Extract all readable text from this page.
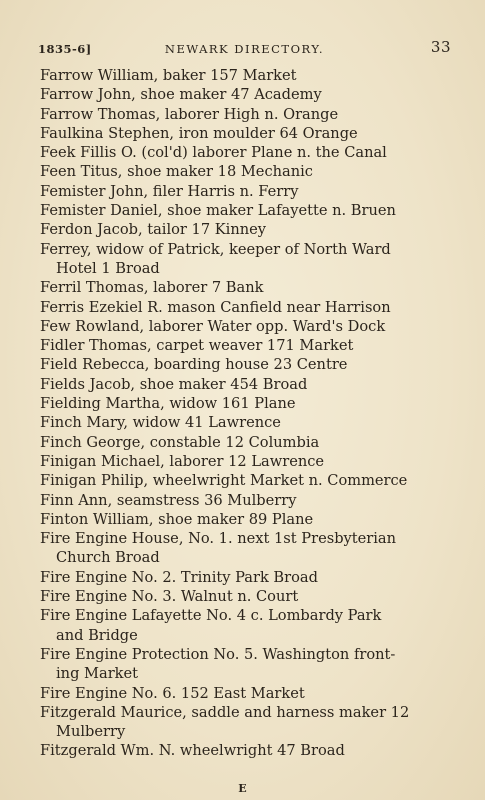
1835-6]	NEWARK DIRECTORY.	33
Farrow William, baker 157 Market
Farrow John, shoe maker 47 Academy
Farrow Thomas, laborer High n. Orange
Faulkina Stephen, iron moulder 64 Orange
Feek Fillis O. (col'd) laborer Plane n. the Canal
Feen Titus, shoe maker 18 Mechanic
Femister John, filer Harris n. Ferry
Femister Daniel, shoe maker Lafayette n. Bruen
Ferdon Jacob, tailor 17 Kinney
Ferrey, widow of Patrick, keeper of North Ward
Hotel 1 Broad
Ferril Thomas, laborer 7 Bank
Ferris Ezekiel R. mason Canfield near Harrison
Few Rowland, laborer Water opp. Ward's Dock
Fidler Thomas, carpet weaver 171 Market
Field Rebecca, boarding house 23 Centre
Fields Jacob, shoe maker 454 Broad
Fielding Martha, widow 161 Plane
Finch Mary, widow 41 Lawrence
Finch George, constable 12 Columbia
Finigan Michael, laborer 12 Lawrence
Finigan Philip, wheelwright Market n. Commerce
Finn Ann, seamstress 36 Mulberry
Finton William, shoe maker 89 Plane
Fire Engine House, No. 1. next 1st Presbyterian
Church Broad
Fire Engine No. 2. Trinity Park Broad
Fire Engine No. 3. Walnut n. Court
Fire Engine Lafayette No. 4 c. Lombardy Park
and Bridge
Fire Engine Protection No. 5. Washington front-
ing Market
Fire Engine No. 6. 152 East Market
Fitzgerald Maurice, saddle and harness maker 12
Mulberry
Fitzgerald Wm. N. wheelwright 47 Broad
E
